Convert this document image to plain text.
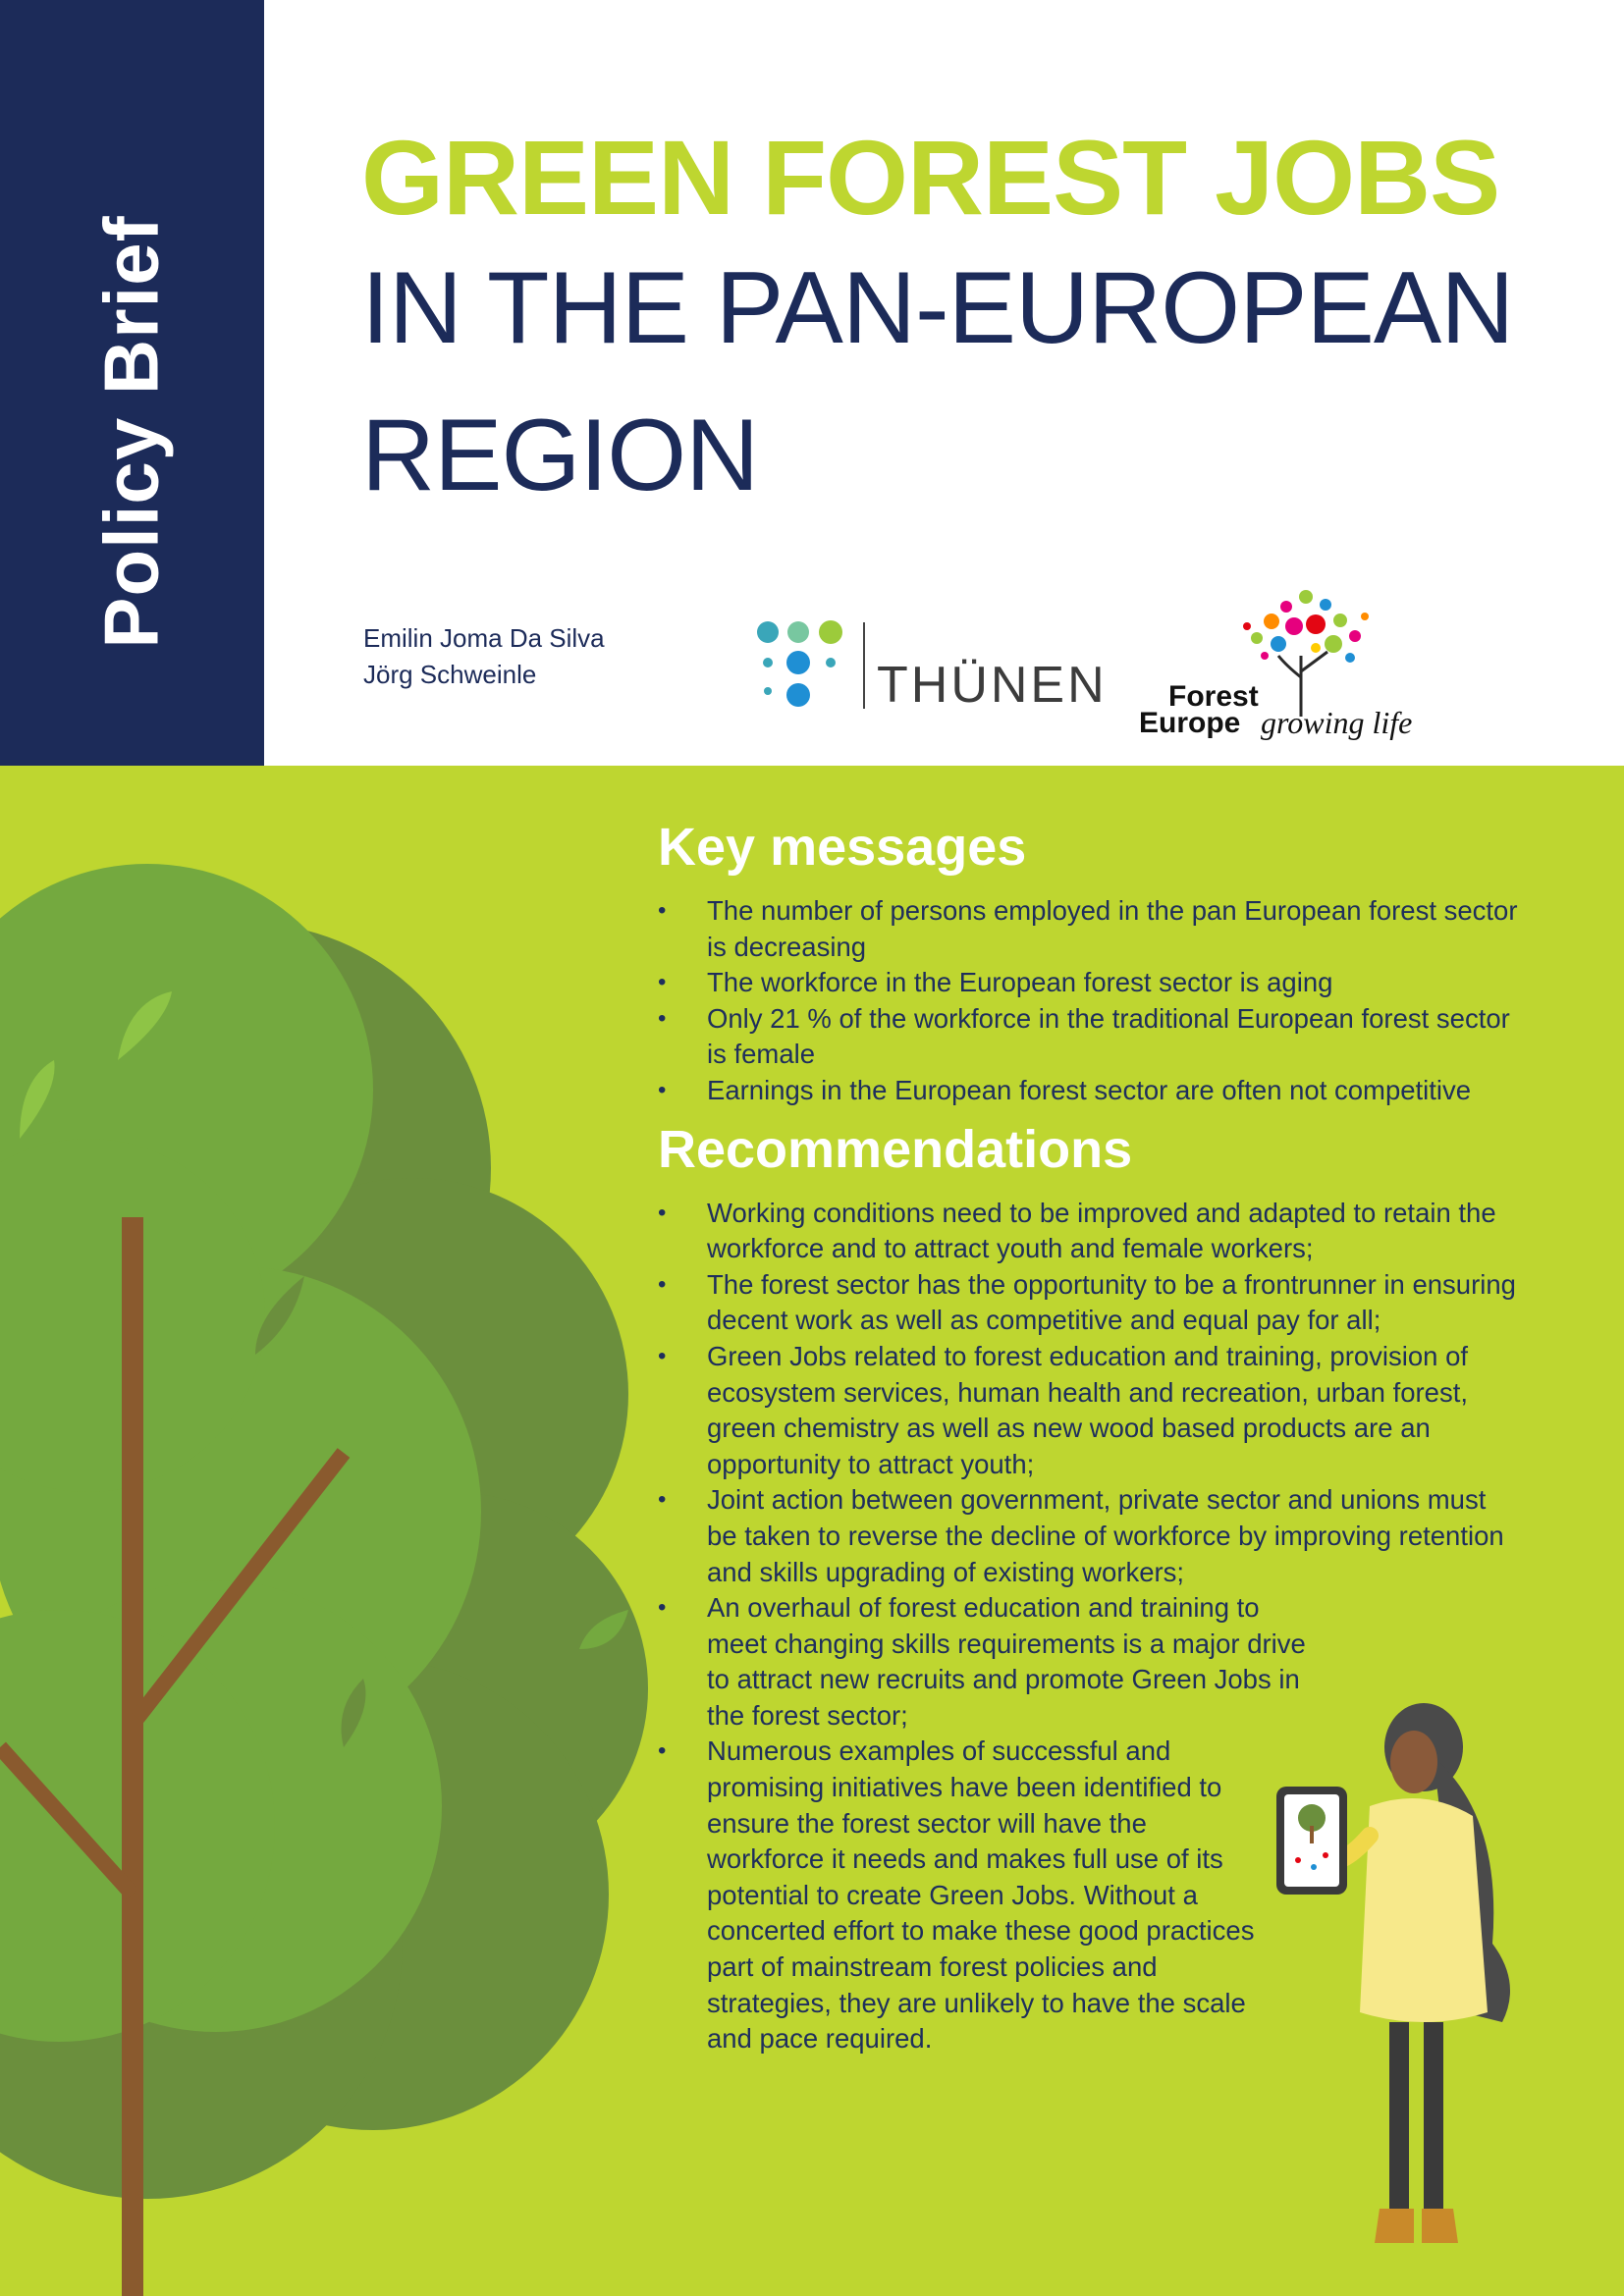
Policy Brief
GREEN FOREST JOBS
IN THE PAN-EUROPEAN
REGION
Emilin Joma Da Silva
Jörg Schweinle	THÜNEN Forest
Europe growing life
Key messages
• The number of persons employed in the pan European forest sector is decreasing
• The workforce in the European forest sector is aging
• Only 21 % of the workforce in the traditional European forest sector is female
• Earnings in the European forest sector are often not competitive
Recommendations
• Working conditions need to be improved and adapted to retain the workforce and to attract youth and female workers;
• The forest sector has the opportunity to be a frontrunner in ensuring decent work as well as competitive and equal pay for all;
• Green Jobs related to forest education and training, provision of ecosystem services, human health and recreation, urban forest, green chemistry as well as new wood based products are an opportunity to attract youth;
• Joint action between government, private sector and unions must be taken to reverse the decline of workforce by improving retention and skills upgrading of existing workers;
• An overhaul of forest education and training to meet changing skills requirements is a major drive to attract new recruits and promote Green Jobs in the forest sector;
• Numerous examples of successful and promising initiatives have been identified to ensure the forest sector will have the workforce it needs and makes full use of its potential to create Green Jobs. Without a concerted effort to make these good practices part of mainstream forest policies and strategies, they are unlikely to have the scale and pace required.
